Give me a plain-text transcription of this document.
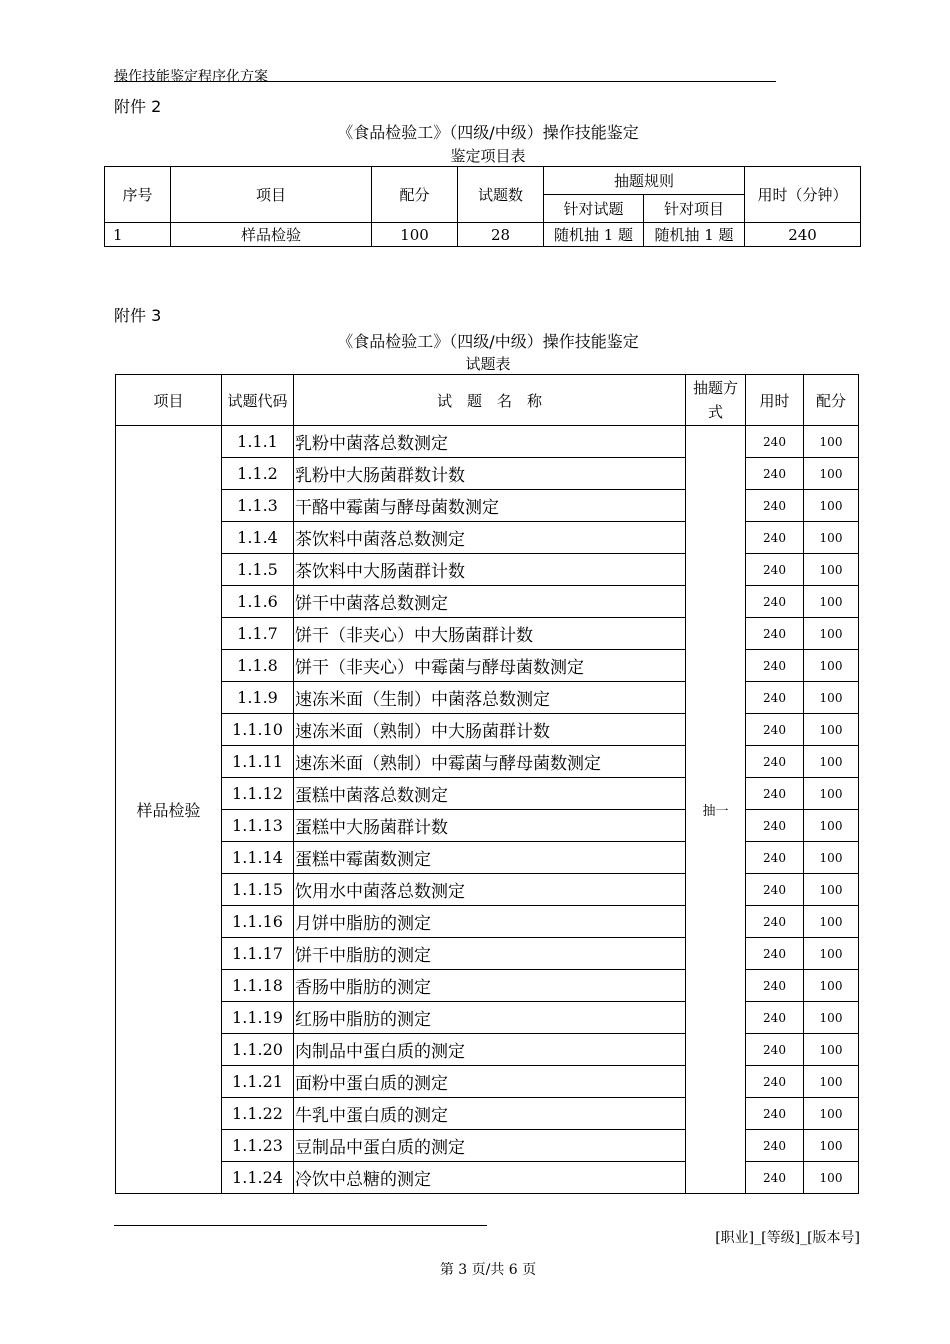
操作技能鉴定程序化方案
附件 2
《食品检验工》（四级/中级）操作技能鉴定
鉴定项目表
序号	项目	配分	试题数	抽题规则		用时（分钟）
				针对试题	针对项目	
1	样品检验	100	28	随机抽 1 题	随机抽 1 题	240
附件 3
《食品检验工》（四级/中级）操作技能鉴定
试题表
项目	试题代码	试　题　名　称	抽题方式	用时	配分
样品检验	1.1.1	乳粉中菌落总数测定	抽一	240	100
	1.1.2	乳粉中大肠菌群数计数		240	100
	1.1.3	干酪中霉菌与酵母菌数测定		240	100
	1.1.4	茶饮料中菌落总数测定		240	100
	1.1.5	茶饮料中大肠菌群计数		240	100
	1.1.6	饼干中菌落总数测定		240	100
	1.1.7	饼干（非夹心）中大肠菌群计数		240	100
	1.1.8	饼干（非夹心）中霉菌与酵母菌数测定		240	100
	1.1.9	速冻米面（生制）中菌落总数测定		240	100
	1.1.10	速冻米面（熟制）中大肠菌群计数		240	100
	1.1.11	速冻米面（熟制）中霉菌与酵母菌数测定		240	100
	1.1.12	蛋糕中菌落总数测定		240	100
	1.1.13	蛋糕中大肠菌群计数		240	100
	1.1.14	蛋糕中霉菌数测定		240	100
	1.1.15	饮用水中菌落总数测定		240	100
	1.1.16	月饼中脂肪的测定		240	100
	1.1.17	饼干中脂肪的测定		240	100
	1.1.18	香肠中脂肪的测定		240	100
	1.1.19	红肠中脂肪的测定		240	100
	1.1.20	肉制品中蛋白质的测定		240	100
	1.1.21	面粉中蛋白质的测定		240	100
	1.1.22	牛乳中蛋白质的测定		240	100
	1.1.23	豆制品中蛋白质的测定		240	100
	1.1.24	冷饮中总糖的测定		240	100
[职业]_[等级]_[版本号]
第 3 页/共 6 页
